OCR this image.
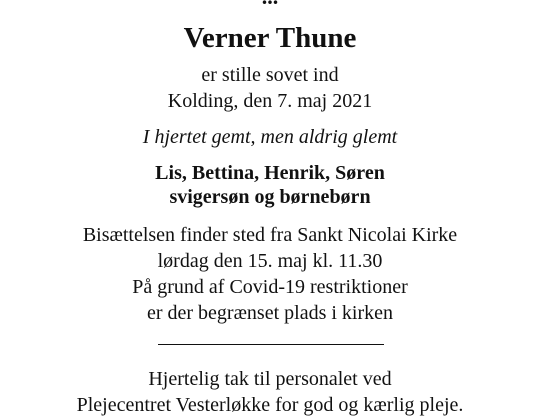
Verner Thune
er stille sovet ind
Kolding, den 7. maj 2021
I hjertet gemt, men aldrig glemt
Lis, Bettina, Henrik, Søren
svigersøn og børnebørn
Bisættelsen finder sted fra Sankt Nicolai Kirke
lørdag den 15. maj kl. 11.30
På grund af Covid-19 restriktioner
er der begrænset plads i kirken
Hjertelig tak til personalet ved
Plejecentret Vesterløkke for god og kærlig pleje.
